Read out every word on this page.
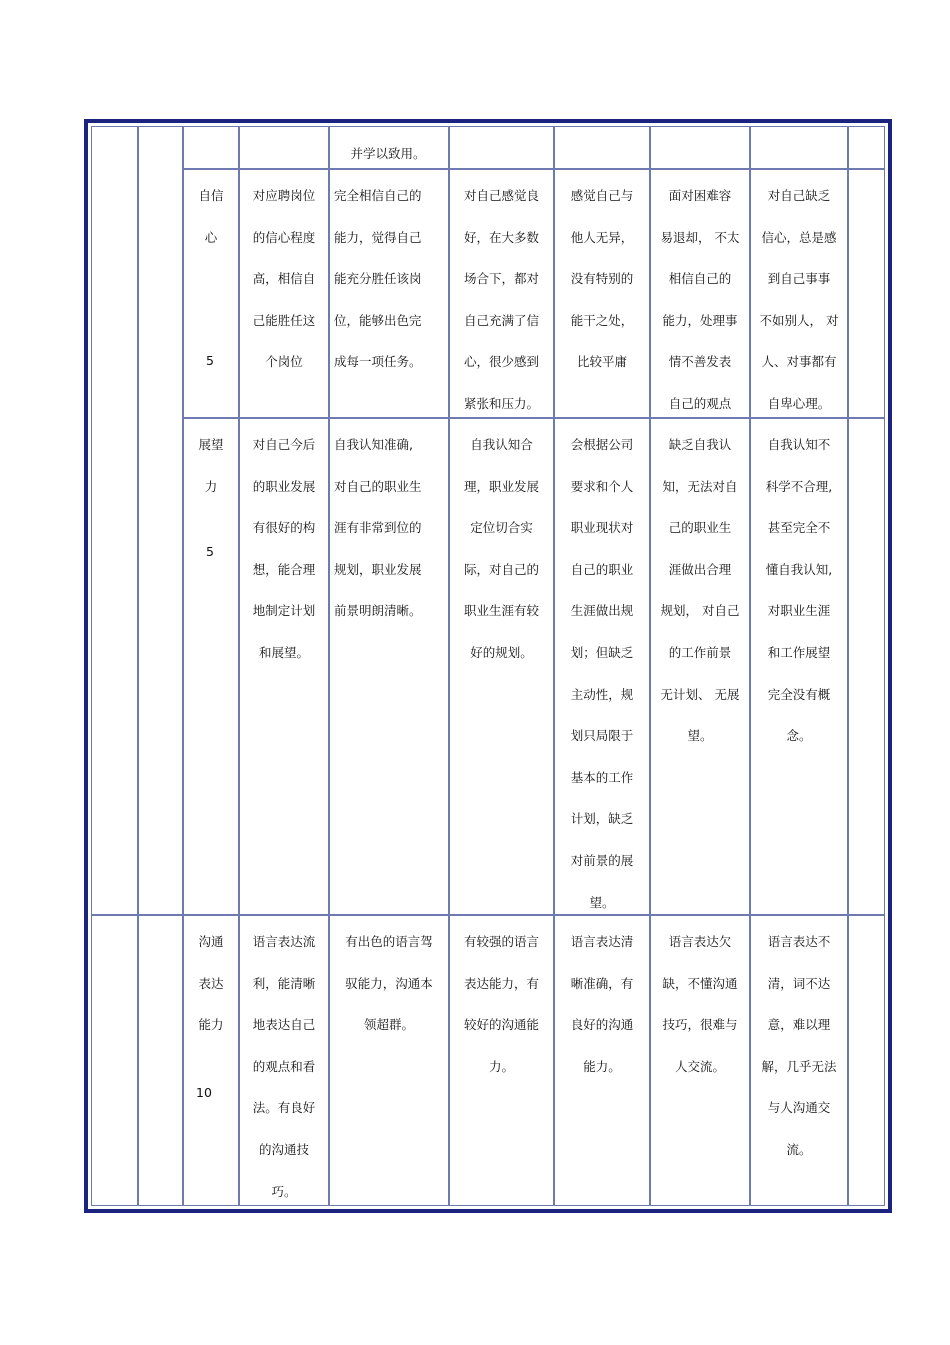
并学以致用。

自信

心

5

对应聘岗位

的信心程度

高，相信自

己能胜任这

个岗位

完全相信自己的

能力，觉得自己

能充分胜任该岗

位，能够出色完

成每一项任务。

对自己感觉良

好，在大多数

场合下，都对

自己充满了信

心，很少感到

紧张和压力。

感觉自己与

他人无异，

没有特别的

能干之处，

比较平庸

面对困难容

易退却， 不太

相信自己的

能力，处理事

情不善发表

自己的观点

对自己缺乏

信心，总是感

到自己事事

不如别人， 对

人、对事都有

自卑心理。

展望

力

5

对自己今后

的职业发展

有很好的构

想，能合理

地制定计划

和展望。

自我认知准确,

对自己的职业生

涯有非常到位的

规划，职业发展

前景明朗清晰。

自我认知合

理，职业发展

定位切合实

际，对自己的

职业生涯有较

好的规划。

会根据公司

要求和个人

职业现状对

自己的职业

生涯做出规

划；但缺乏

主动性，规

划只局限于

基本的工作

计划，缺乏

对前景的展

望。

缺乏自我认

知，无法对自

己的职业生

涯做出合理

规划， 对自己

的工作前景

无计划、 无展

望。

自我认知不

科学不合理,

甚至完全不

懂自我认知,

对职业生涯

和工作展望

完全没有概

念。

沟通

表达

能力

10

语言表达流

利，能清晰

地表达自己

的观点和看

法。有良好

的沟通技

巧。

有出色的语言驾

驭能力，沟通本

领超群。

有较强的语言

表达能力，有

较好的沟通能

力。

语言表达清

晰准确，有

良好的沟通

能力。

语言表达欠

缺，不懂沟通

技巧，很难与

人交流。

语言表达不

清，词不达

意，难以理

解，几乎无法

与人沟通交

流。
